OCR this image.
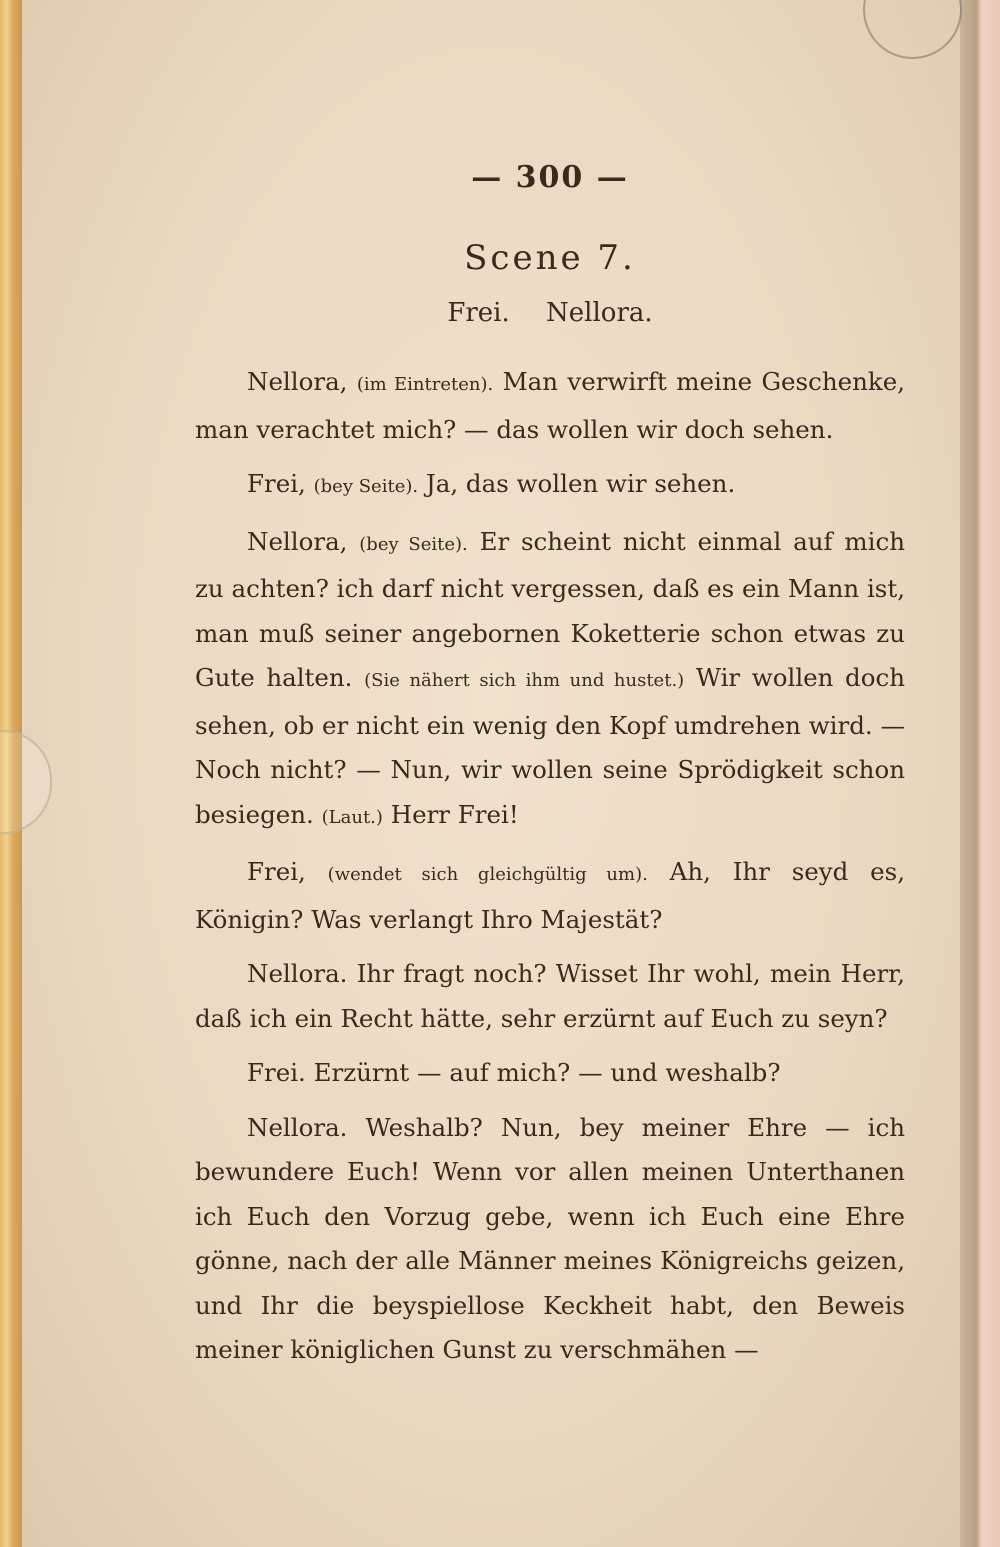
— 300 —
Scene 7.
Frei. Nellora.

Nellora, (im Eintreten). Man verwirft meine Geschenke, man verachtet mich? — das wollen wir doch sehen.

Frei, (bey Seite). Ja, das wollen wir sehen.

Nellora, (bey Seite). Er scheint nicht einmal auf mich zu achten? ich darf nicht vergessen, daß es ein Mann ist, man muß seiner angebornen Koketterie schon etwas zu Gute halten. (Sie nähert sich ihm und hustet.) Wir wollen doch sehen, ob er nicht ein wenig den Kopf umdrehen wird. — Noch nicht? — Nun, wir wollen seine Sprödigkeit schon besiegen. (Laut.) Herr Frei!

Frei, (wendet sich gleichgültig um). Ah, Ihr seyd es, Königin? Was verlangt Ihro Majestät?

Nellora. Ihr fragt noch? Wisset Ihr wohl, mein Herr, daß ich ein Recht hätte, sehr erzürnt auf Euch zu seyn?

Frei. Erzürnt — auf mich? — und weshalb?

Nellora. Weshalb? Nun, bey meiner Ehre — ich bewundere Euch! Wenn vor allen meinen Unterthanen ich Euch den Vorzug gebe, wenn ich Euch eine Ehre gönne, nach der alle Männer meines Königreichs geizen, und Ihr die beyspiellose Keckheit habt, den Beweis meiner königlichen Gunst zu verschmähen —
